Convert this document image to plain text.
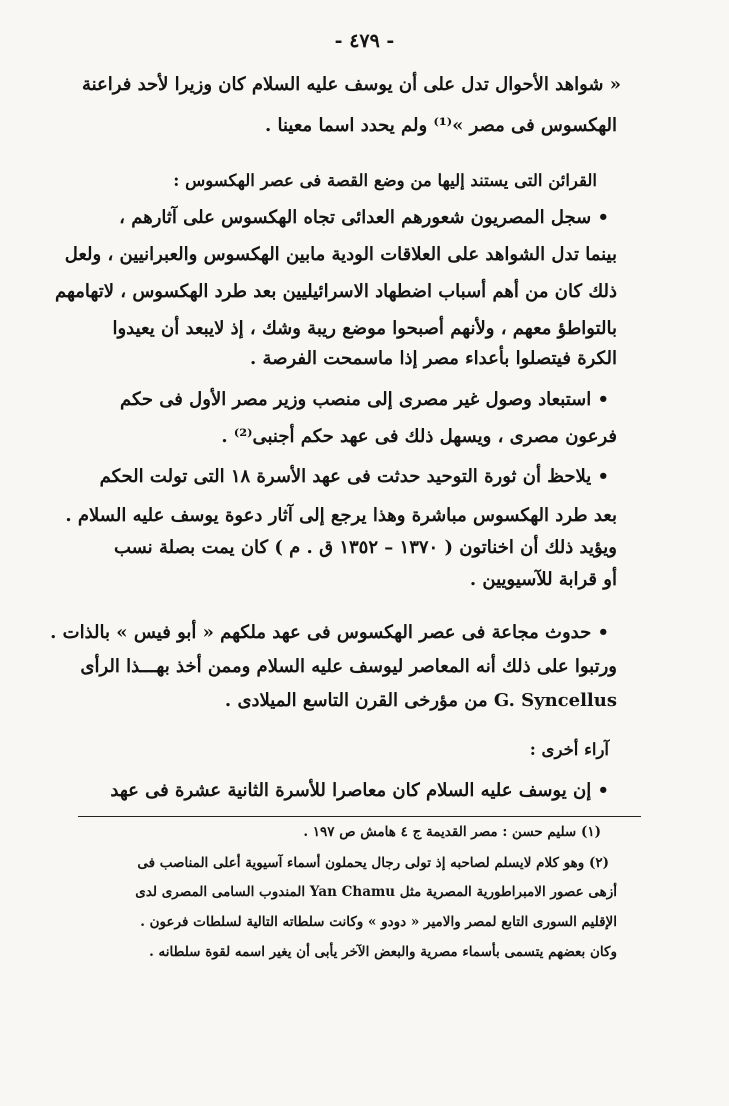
- ٤٧٩ -
« شواهد الأحوال تدل على أن يوسف عليه السلام كان وزيرا لأحد فراعنة
الهكسوس فى مصر »⁽¹⁾ ولم يحدد اسما معينا .
القرائن التى يستند إليها من وضع القصة فى عصر الهكسوس :
• سجل المصريون شعورهم العدائى تجاه الهكسوس على آثارهم ،
بينما تدل الشواهد على العلاقات الودية مابين الهكسوس والعبرانيين ، ولعل
ذلك كان من أهم أسباب اضطهاد الاسرائيليين بعد طرد الهكسوس ، لاتهامهم
بالتواطؤ معهم ، ولأنهم أصبحوا موضع ريبة وشك ، إذ لايبعد أن يعيدوا
الكرة فيتصلوا بأعداء مصر إذا ماسمحت الفرصة .
• استبعاد وصول غير مصرى إلى منصب وزير مصر الأول فى حكم
فرعون مصرى ، ويسهل ذلك فى عهد حكم أجنبى⁽²⁾ .
• يلاحظ أن ثورة التوحيد حدثت فى عهد الأسرة ١٨ التى تولت الحكم
بعد طرد الهكسوس مباشرة وهذا يرجع إلى آثار دعوة يوسف عليه السلام .
ويؤيد ذلك أن اخناتون ( ١٣٧٠ – ١٣٥٢ ق . م ) كان يمت بصلة نسب
أو قرابة للآسيويين .
• حدوث مجاعة فى عصر الهكسوس فى عهد ملكهم « أبو فيس » بالذات .
ورتبوا على ذلك أنه المعاصر ليوسف عليه السلام وممن أخذ بهـــذا الرأى
G. Syncellus من مؤرخى القرن التاسع الميلادى .
آراء أخرى :
• إن يوسف عليه السلام كان معاصرا للأسرة الثانية عشرة فى عهد
(١) سليم حسن : مصر القديمة ج ٤ هامش ص ١٩٧ .
(٢) وهو كلام لايسلم لصاحبه إذ تولى رجال يحملون أسماء آسيوية أعلى المناصب فى
أزهى عصور الامبراطورية المصرية مثل Yan Chamu المندوب السامى المصرى لدى
الإقليم السورى التابع لمصر والامير « دودو » وكانت سلطاته التالية لسلطات فرعون .
وكان بعضهم يتسمى بأسماء مصرية والبعض الآخر يأبى أن يغير اسمه لقوة سلطانه .
